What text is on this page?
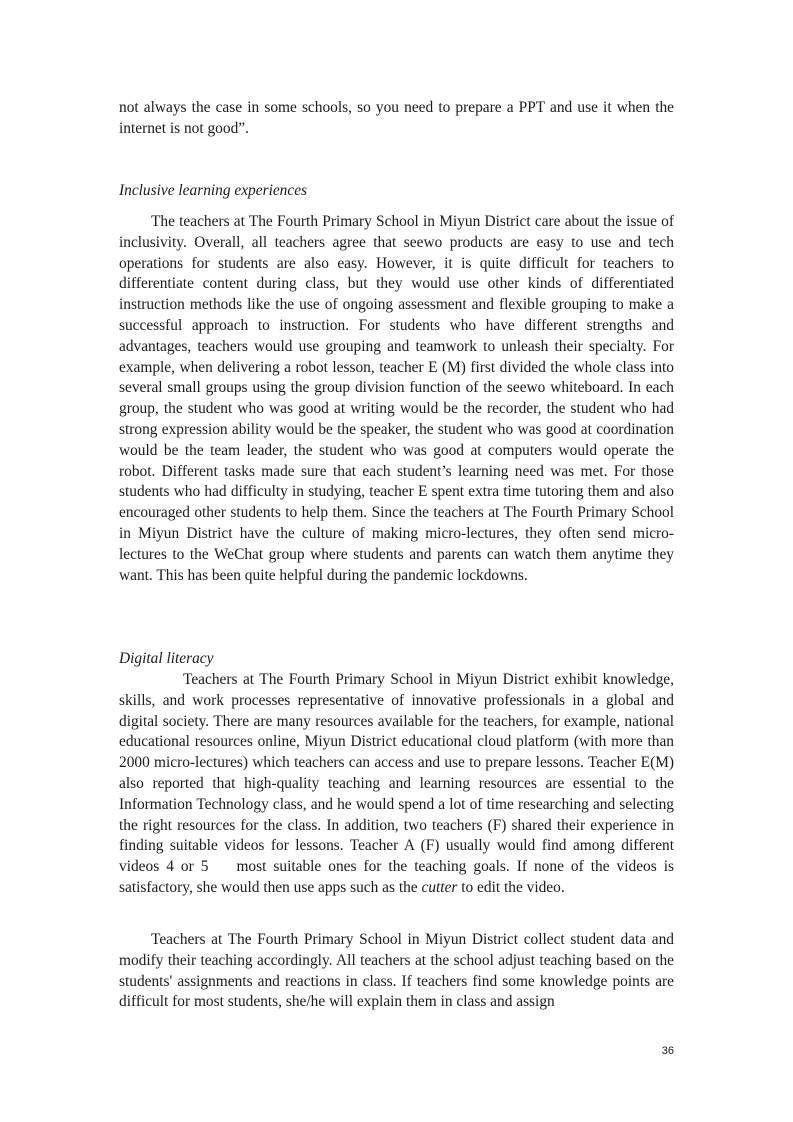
not always the case in some schools, so you need to prepare a PPT and use it when the internet is not good”.

Inclusive learning experiences

The teachers at The Fourth Primary School in Miyun District care about the issue of inclusivity. Overall, all teachers agree that seewo products are easy to use and tech operations for students are also easy. However, it is quite difficult for teachers to differentiate content during class, but they would use other kinds of differentiated instruction methods like the use of ongoing assessment and flexible grouping to make a successful approach to instruction. For students who have different strengths and advantages, teachers would use grouping and teamwork to unleash their specialty. For example, when delivering a robot lesson, teacher E (M) first divided the whole class into several small groups using the group division function of the seewo whiteboard. In each group, the student who was good at writing would be the recorder, the student who had strong expression ability would be the speaker, the student who was good at coordination would be the team leader, the student who was good at computers would operate the robot. Different tasks made sure that each student’s learning need was met. For those students who had difficulty in studying, teacher E spent extra time tutoring them and also encouraged other students to help them. Since the teachers at The Fourth Primary School in Miyun District have the culture of making micro-lectures, they often send micro-lectures to the WeChat group where students and parents can watch them anytime they want. This has been quite helpful during the pandemic lockdowns.

Digital literacy

Teachers at The Fourth Primary School in Miyun District exhibit knowledge, skills, and work processes representative of innovative professionals in a global and digital society. There are many resources available for the teachers, for example, national educational resources online, Miyun District educational cloud platform (with more than 2000 micro-lectures) which teachers can access and use to prepare lessons. Teacher E(M) also reported that high-quality teaching and learning resources are essential to the Information Technology class, and he would spend a lot of time researching and selecting the right resources for the class. In addition, two teachers (F) shared their experience in finding suitable videos for lessons. Teacher A (F) usually would find among different videos 4 or 5    most suitable ones for the teaching goals. If none of the videos is satisfactory, she would then use apps such as the cutter to edit the video.

Teachers at The Fourth Primary School in Miyun District collect student data and modify their teaching accordingly. All teachers at the school adjust teaching based on the students' assignments and reactions in class. If teachers find some knowledge points are difficult for most students, she/he will explain them in class and assign

36
